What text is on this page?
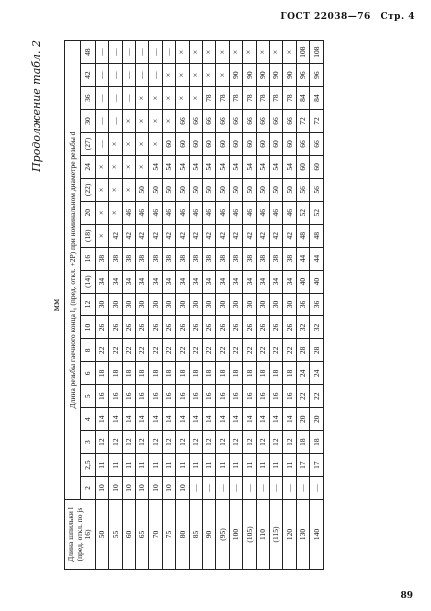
ГОСТ 22038—76 Стр. 4
Продолжение табл. 2
мм
Длина шпильки l (пред. откл. по js 16)	Длина резьбы гаечного конца l₀ (пред. откл. +2P) при номинальном диаметре резьбы d																			
	2	2,5	3	4	5	6	8	10	12	(14)	16	(18)	20	(22)	24	(27)	30	36	42	48
50	10	11	12	14	16	18	22	26	30	34	38	×	×	×	×	—	—	—	—	—
55	10	11	12	14	16	18	22	26	30	34	38	42	×	×	×	×	—	—	—	—
60	10	11	12	14	16	18	22	26	30	34	38	42	46	×	×	×	×	—	—	—
65	10	11	12	14	16	18	22	26	30	34	38	42	46	50	×	×	×	×	—	—
70	10	11	12	14	16	18	22	26	30	34	38	42	46	50	54	×	×	×	—	—
75	10	11	12	14	16	18	22	26	30	34	38	42	46	50	54	60	×	×	×	—
80	10	11	12	14	16	18	22	26	30	34	38	42	46	50	54	60	66	×	×	×
85	—	11	12	14	16	18	22	26	30	34	38	42	46	50	54	60	66	×	×	×
90	—	11	12	14	16	18	22	26	30	34	38	42	46	50	54	60	66	78	×	×
(95)	—	11	12	14	16	18	22	26	30	34	38	42	46	50	54	60	66	78	×	×
100	—	11	12	14	16	18	22	26	30	34	38	42	46	50	54	60	66	78	90	×
(105)	—	11	12	14	16	18	22	26	30	34	38	42	46	50	54	60	66	78	90	×
110	—	11	12	14	16	18	22	26	30	34	38	42	46	50	54	60	66	78	90	×
(115)	—	11	12	14	16	18	22	26	30	34	38	42	46	50	54	60	66	78	90	×
120	—	11	12	14	16	18	22	26	30	34	38	42	46	50	54	60	66	78	90	×
130	—	17	18	20	22	24	28	32	36	40	44	48	52	56	60	66	72	84	96	108
140	—	17	18	20	22	24	28	32	36	40	44	48	52	56	60	66	72	84	96	108
89
